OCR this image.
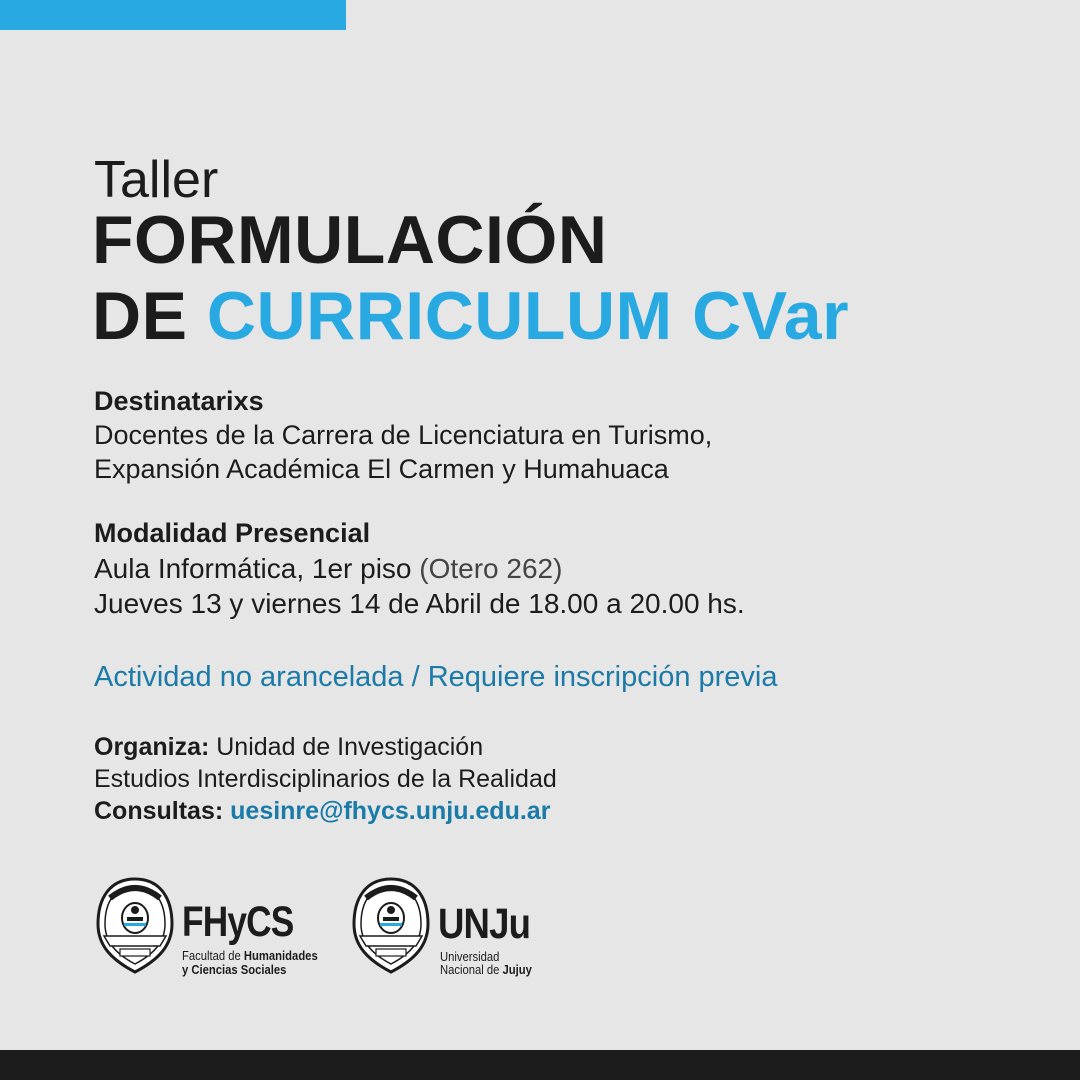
Taller
FORMULACIÓN
DE CURRICULUM CVar
Destinatarixs
Docentes de la Carrera de Licenciatura en Turismo,
Expansión Académica El Carmen y Humahuaca
Modalidad Presencial
Aula Informática, 1er piso (Otero 262)
Jueves 13 y viernes 14 de Abril de 18.00 a 20.00 hs.
Actividad no arancelada / Requiere inscripción previa
Organiza: Unidad de Investigación
Estudios Interdisciplinarios de la Realidad
Consultas: uesinre@fhycs.unju.edu.ar
FHyCS
Facultad de Humanidades
y Ciencias Sociales
UNJu
Universidad
Nacional de Jujuy
